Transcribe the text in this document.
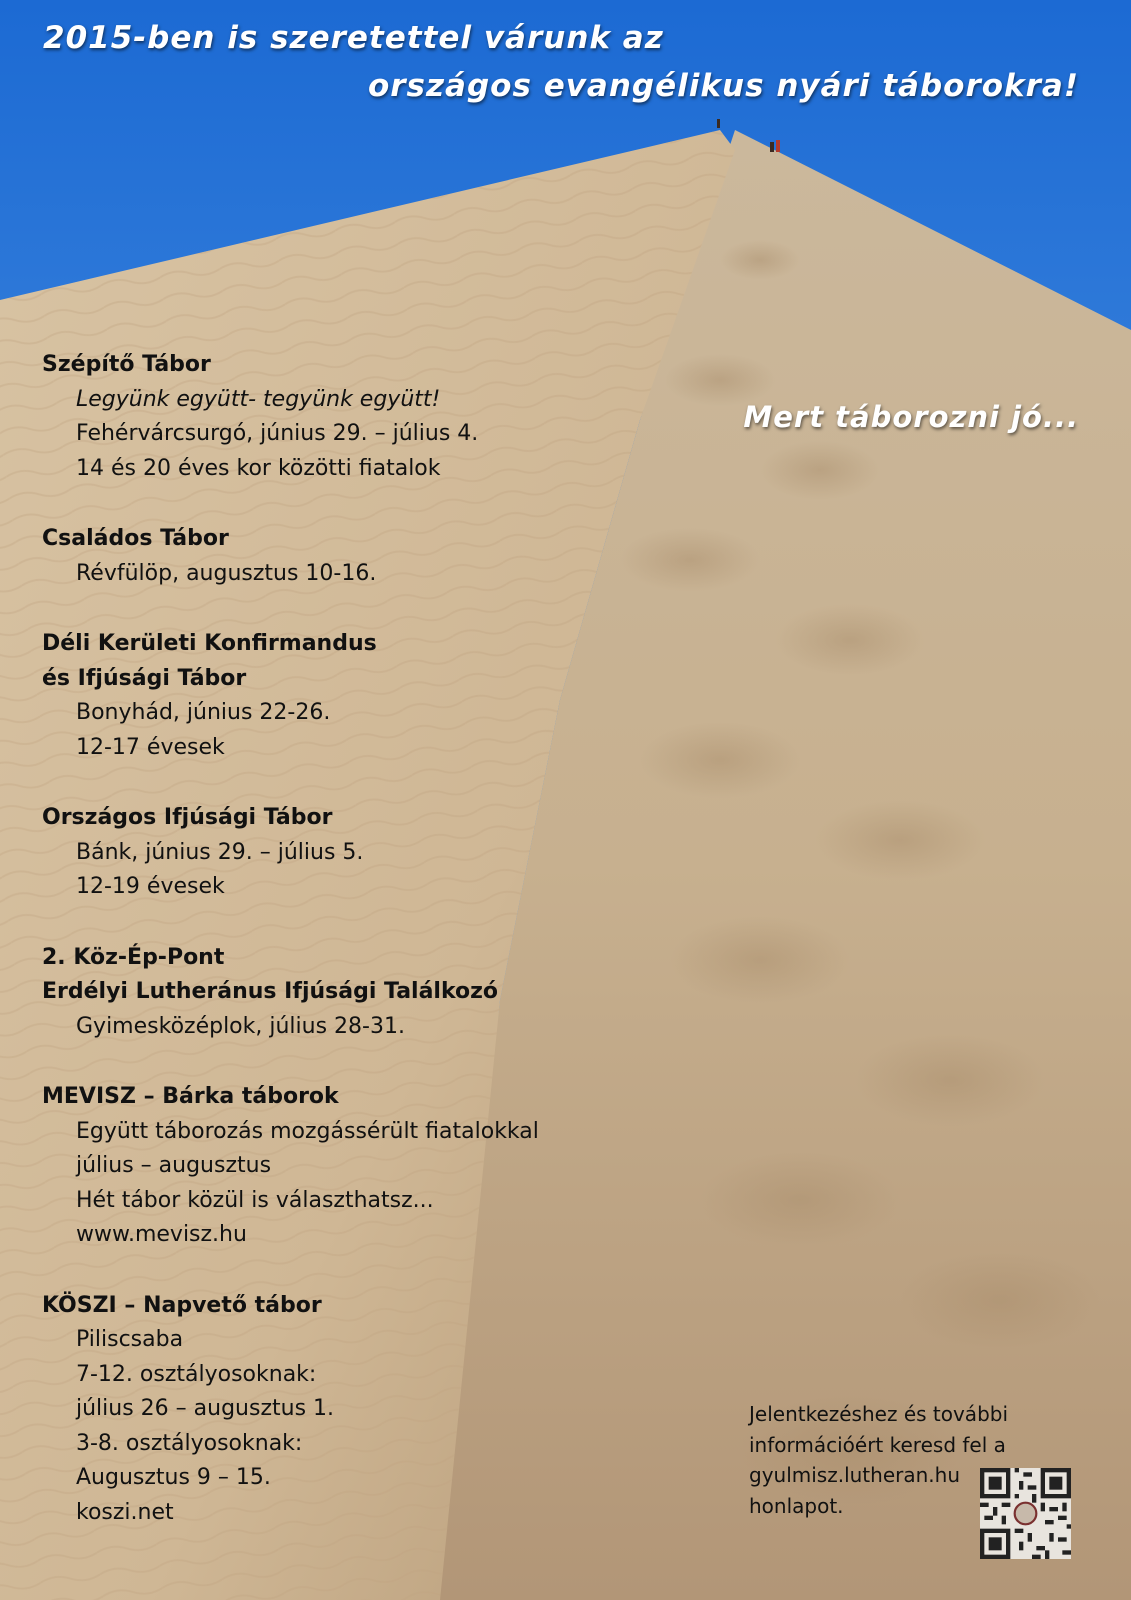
2015-ben is szeretettel várunk az
országos evangélikus nyári táborokra!
Mert táborozni jó...
Szépítő Tábor
Legyünk együtt- tegyünk együtt!
Fehérvárcsurgó, június 29. – július 4.
14 és 20 éves kor közötti fiatalok
Családos Tábor
Révfülöp, augusztus 10-16.
Déli Kerületi Konfirmandus
és Ifjúsági Tábor
Bonyhád, június 22-26.
12-17 évesek
Országos Ifjúsági Tábor
Bánk, június 29. – július 5.
12-19 évesek
2. Köz-Ép-Pont
Erdélyi Lutheránus Ifjúsági Találkozó
Gyimesközéplok, július 28-31.
MEVISZ – Bárka táborok
Együtt táborozás mozgássérült fiatalokkal
július – augusztus
Hét tábor közül is választhatsz...
www.mevisz.hu
KÖSZI – Napvető tábor
Piliscsaba
7-12. osztályosoknak:
július 26 – augusztus 1.
3-8. osztályosoknak:
Augusztus 9 – 15.
koszi.net
Jelentkezéshez és további
információért keresd fel a
gyulmisz.lutheran.hu
honlapot.
